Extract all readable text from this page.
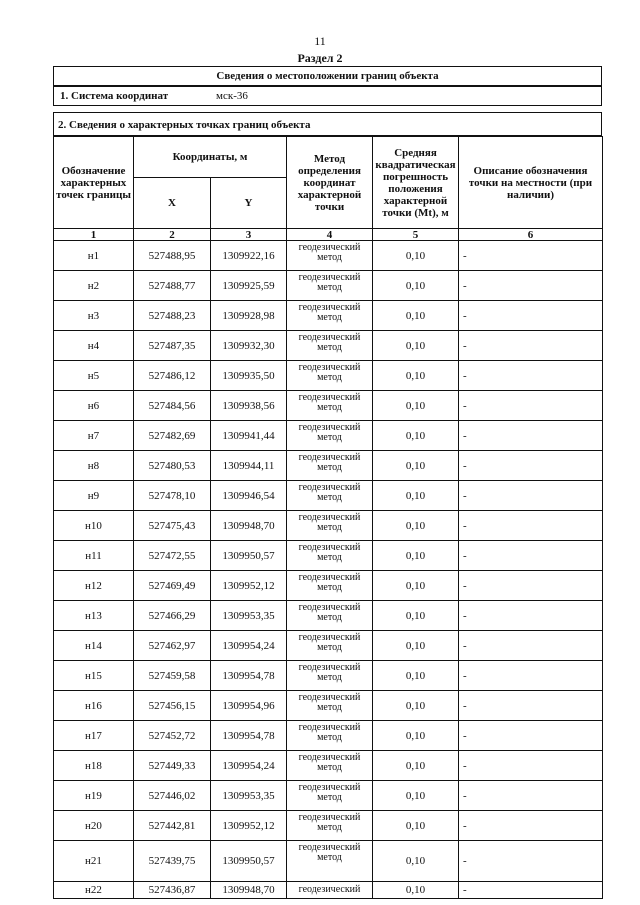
11
Раздел 2
Сведения о местоположении границ объекта
1. Система координат	мск-36
2. Сведения о характерных точках границ объекта
Обозначение характерных точек границы	Координаты, м		Метод определения координат характерной точки	Средняя квадратическая погрешность положения характерной точки (Mt), м	Описание обозначения точки на местности (при наличии)
	X	Y			
1	2	3	4	5	6
н1	527488,95	1309922,16	геодезический метод	0,10	-
н2	527488,77	1309925,59	геодезический метод	0,10	-
н3	527488,23	1309928,98	геодезический метод	0,10	-
н4	527487,35	1309932,30	геодезический метод	0,10	-
н5	527486,12	1309935,50	геодезический метод	0,10	-
н6	527484,56	1309938,56	геодезический метод	0,10	-
н7	527482,69	1309941,44	геодезический метод	0,10	-
н8	527480,53	1309944,11	геодезический метод	0,10	-
н9	527478,10	1309946,54	геодезический метод	0,10	-
н10	527475,43	1309948,70	геодезический метод	0,10	-
н11	527472,55	1309950,57	геодезический метод	0,10	-
н12	527469,49	1309952,12	геодезический метод	0,10	-
н13	527466,29	1309953,35	геодезический метод	0,10	-
н14	527462,97	1309954,24	геодезический метод	0,10	-
н15	527459,58	1309954,78	геодезический метод	0,10	-
н16	527456,15	1309954,96	геодезический метод	0,10	-
н17	527452,72	1309954,78	геодезический метод	0,10	-
н18	527449,33	1309954,24	геодезический метод	0,10	-
н19	527446,02	1309953,35	геодезический метод	0,10	-
н20	527442,81	1309952,12	геодезический метод	0,10	-
н21	527439,75	1309950,57	геодезический метод	0,10	-
н22	527436,87	1309948,70	геодезический	0,10	-
